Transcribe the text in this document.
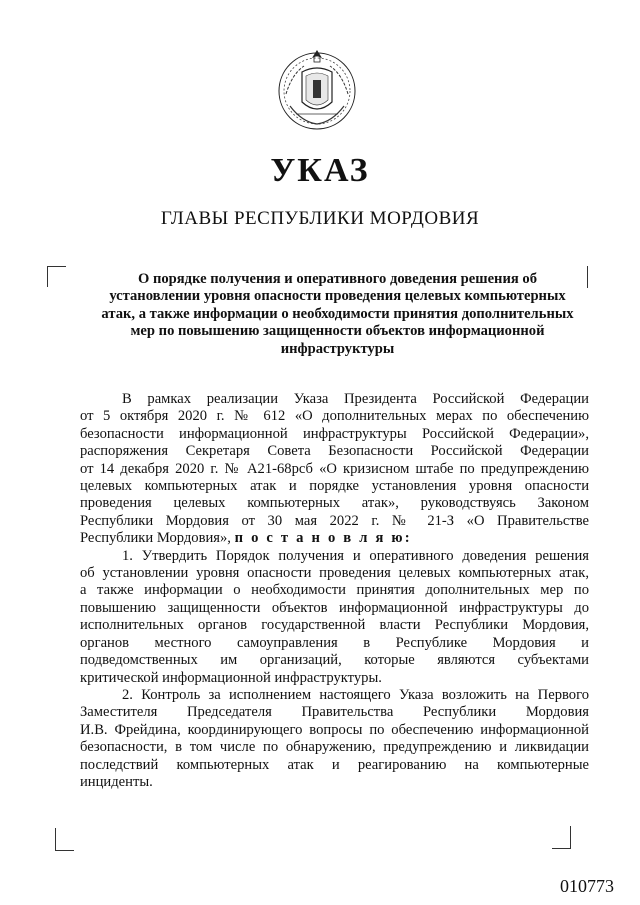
УКАЗ
ГЛАВЫ РЕСПУБЛИКИ МОРДОВИЯ
О порядке получения и оперативного доведения решения об
установлении уровня опасности проведения целевых компьютерных
атак, а также информации о необходимости принятия дополнительных
мер по повышению защищенности объектов информационной
инфраструктуры
В рамках реализации Указа Президента Российской Федерации
от 5 октября 2020 г. № 612 «О дополнительных мерах по обеспечению
безопасности информационной инфраструктуры Российской Федерации»,
распоряжения Секретаря Совета Безопасности Российской Федерации
от 14 декабря 2020 г. № А21-68рсб «О кризисном штабе по предупреждению
целевых компьютерных атак и порядке установления уровня опасности
проведения целевых компьютерных атак», руководствуясь Законом
Республики Мордовия от 30 мая 2022 г. № 21-З «О Правительстве
Республики Мордовия», п о с т а н о в л я ю:
1. Утвердить Порядок получения и оперативного доведения решения
об установлении уровня опасности проведения целевых компьютерных атак,
а также информации о необходимости принятия дополнительных мер по
повышению защищенности объектов информационной инфраструктуры до
исполнительных органов государственной власти Республики Мордовия,
органов местного самоуправления в Республике Мордовия и
подведомственных им организаций, которые являются субъектами
критической информационной инфраструктуры.
2. Контроль за исполнением настоящего Указа возложить на Первого
Заместителя Председателя Правительства Республики Мордовия
И.В. Фрейдина, координирующего вопросы по обеспечению информационной
безопасности, в том числе по обнаружению, предупреждению и ликвидации
последствий компьютерных атак и реагированию на компьютерные
инциденты.
010773
